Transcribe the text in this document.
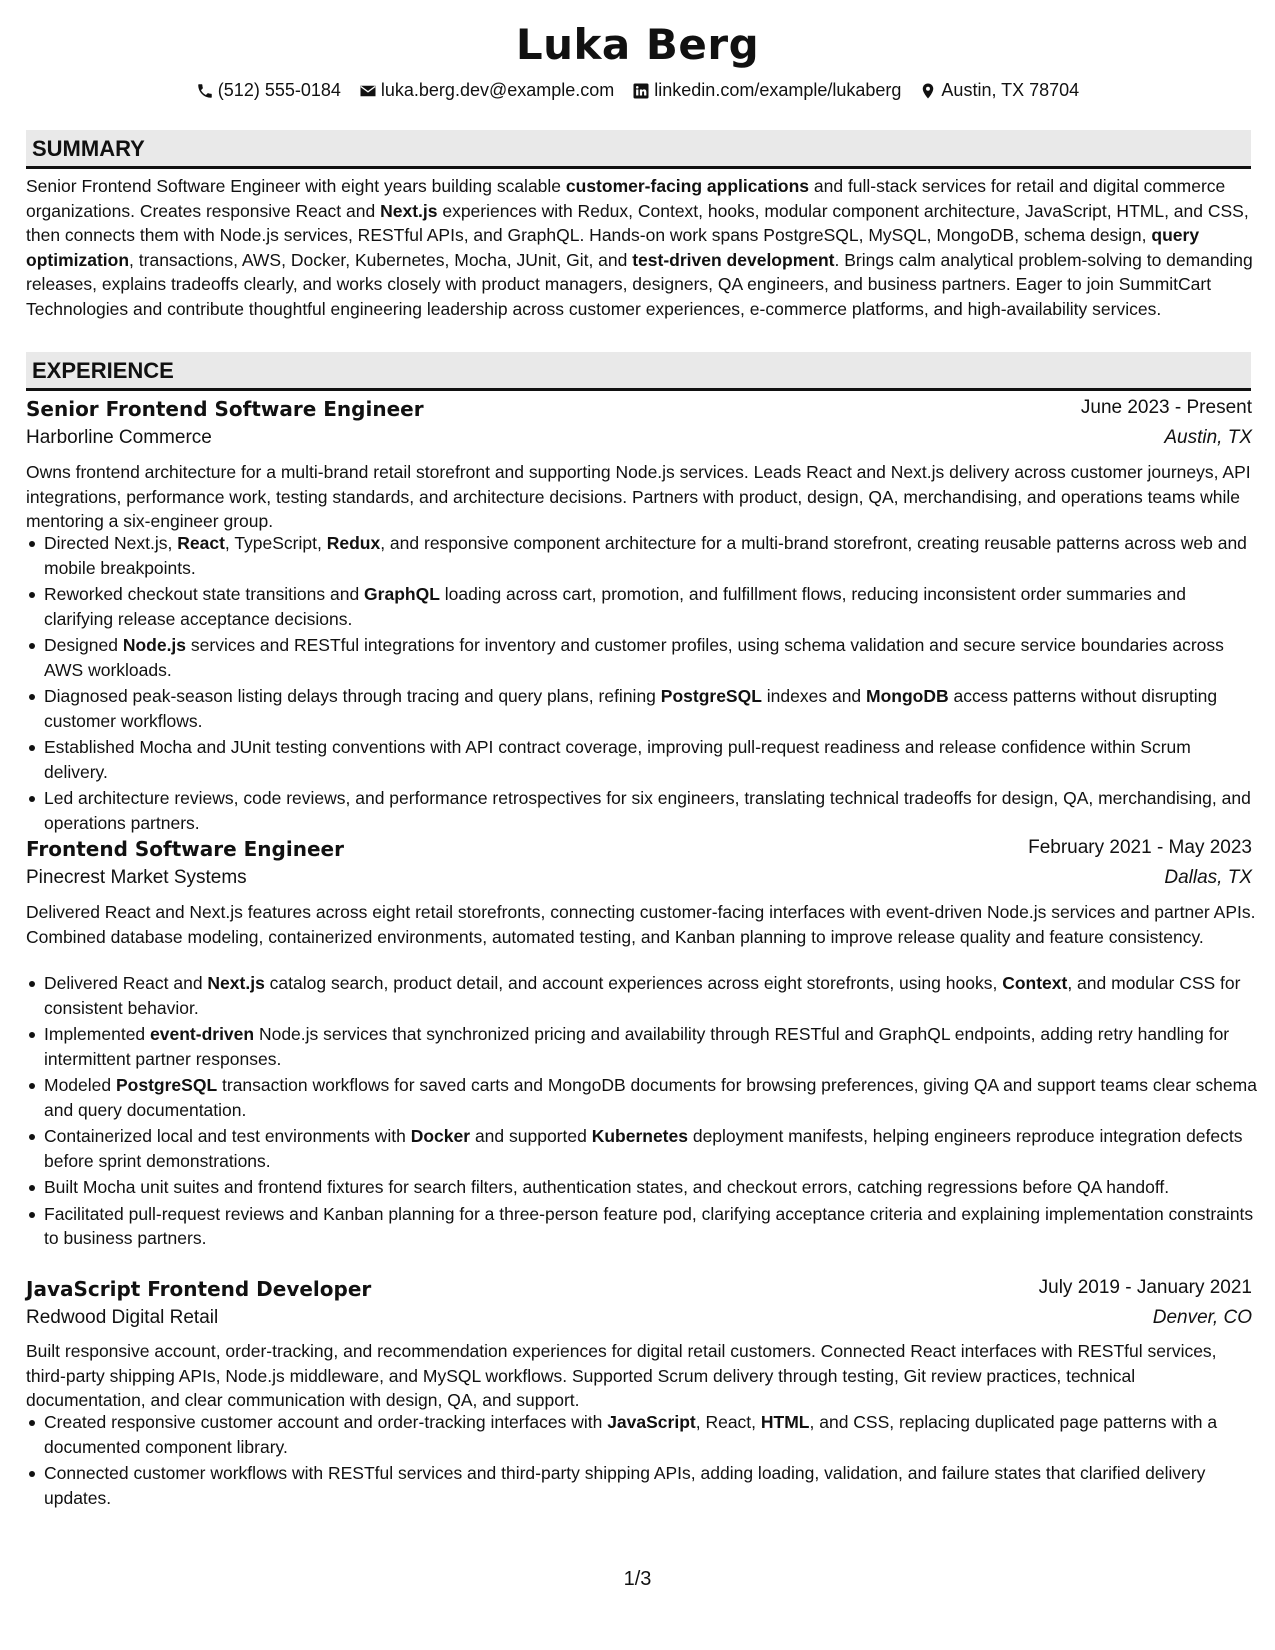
Luka Berg
(512) 555-0184 luka.berg.dev@example.com linkedin.com/example/lukaberg Austin, TX 78704
SUMMARY
Senior Frontend Software Engineer with eight years building scalable customer-facing applications and full-stack services for retail and digital commerce organizations. Creates responsive React and Next.js experiences with Redux, Context, hooks, modular component architecture, JavaScript, HTML, and CSS, then connects them with Node.js services, RESTful APIs, and GraphQL. Hands-on work spans PostgreSQL, MySQL, MongoDB, schema design, query optimization, transactions, AWS, Docker, Kubernetes, Mocha, JUnit, Git, and test-driven development. Brings calm analytical problem-solving to demanding releases, explains tradeoffs clearly, and works closely with product managers, designers, QA engineers, and business partners. Eager to join SummitCart Technologies and contribute thoughtful engineering leadership across customer experiences, e-commerce platforms, and high-availability services.
EXPERIENCE
Senior Frontend Software Engineer	June 2023 - Present
Harborline Commerce	Austin, TX
Owns frontend architecture for a multi-brand retail storefront and supporting Node.js services. Leads React and Next.js delivery across customer journeys, API integrations, performance work, testing standards, and architecture decisions. Partners with product, design, QA, merchandising, and operations teams while mentoring a six-engineer group.
Directed Next.js, React, TypeScript, Redux, and responsive component architecture for a multi-brand storefront, creating reusable patterns across web and mobile breakpoints.
Reworked checkout state transitions and GraphQL loading across cart, promotion, and fulfillment flows, reducing inconsistent order summaries and clarifying release acceptance decisions.
Designed Node.js services and RESTful integrations for inventory and customer profiles, using schema validation and secure service boundaries across AWS workloads.
Diagnosed peak-season listing delays through tracing and query plans, refining PostgreSQL indexes and MongoDB access patterns without disrupting customer workflows.
Established Mocha and JUnit testing conventions with API contract coverage, improving pull-request readiness and release confidence within Scrum delivery.
Led architecture reviews, code reviews, and performance retrospectives for six engineers, translating technical tradeoffs for design, QA, merchandising, and operations partners.
Frontend Software Engineer	February 2021 - May 2023
Pinecrest Market Systems	Dallas, TX
Delivered React and Next.js features across eight retail storefronts, connecting customer-facing interfaces with event-driven Node.js services and partner APIs. Combined database modeling, containerized environments, automated testing, and Kanban planning to improve release quality and feature consistency.
Delivered React and Next.js catalog search, product detail, and account experiences across eight storefronts, using hooks, Context, and modular CSS for consistent behavior.
Implemented event-driven Node.js services that synchronized pricing and availability through RESTful and GraphQL endpoints, adding retry handling for intermittent partner responses.
Modeled PostgreSQL transaction workflows for saved carts and MongoDB documents for browsing preferences, giving QA and support teams clear schema and query documentation.
Containerized local and test environments with Docker and supported Kubernetes deployment manifests, helping engineers reproduce integration defects before sprint demonstrations.
Built Mocha unit suites and frontend fixtures for search filters, authentication states, and checkout errors, catching regressions before QA handoff.
Facilitated pull-request reviews and Kanban planning for a three-person feature pod, clarifying acceptance criteria and explaining implementation constraints to business partners.
JavaScript Frontend Developer	July 2019 - January 2021
Redwood Digital Retail	Denver, CO
Built responsive account, order-tracking, and recommendation experiences for digital retail customers. Connected React interfaces with RESTful services, third-party shipping APIs, Node.js middleware, and MySQL workflows. Supported Scrum delivery through testing, Git review practices, technical documentation, and clear communication with design, QA, and support.
Created responsive customer account and order-tracking interfaces with JavaScript, React, HTML, and CSS, replacing duplicated page patterns with a documented component library.
Connected customer workflows with RESTful services and third-party shipping APIs, adding loading, validation, and failure states that clarified delivery updates.
1/3
